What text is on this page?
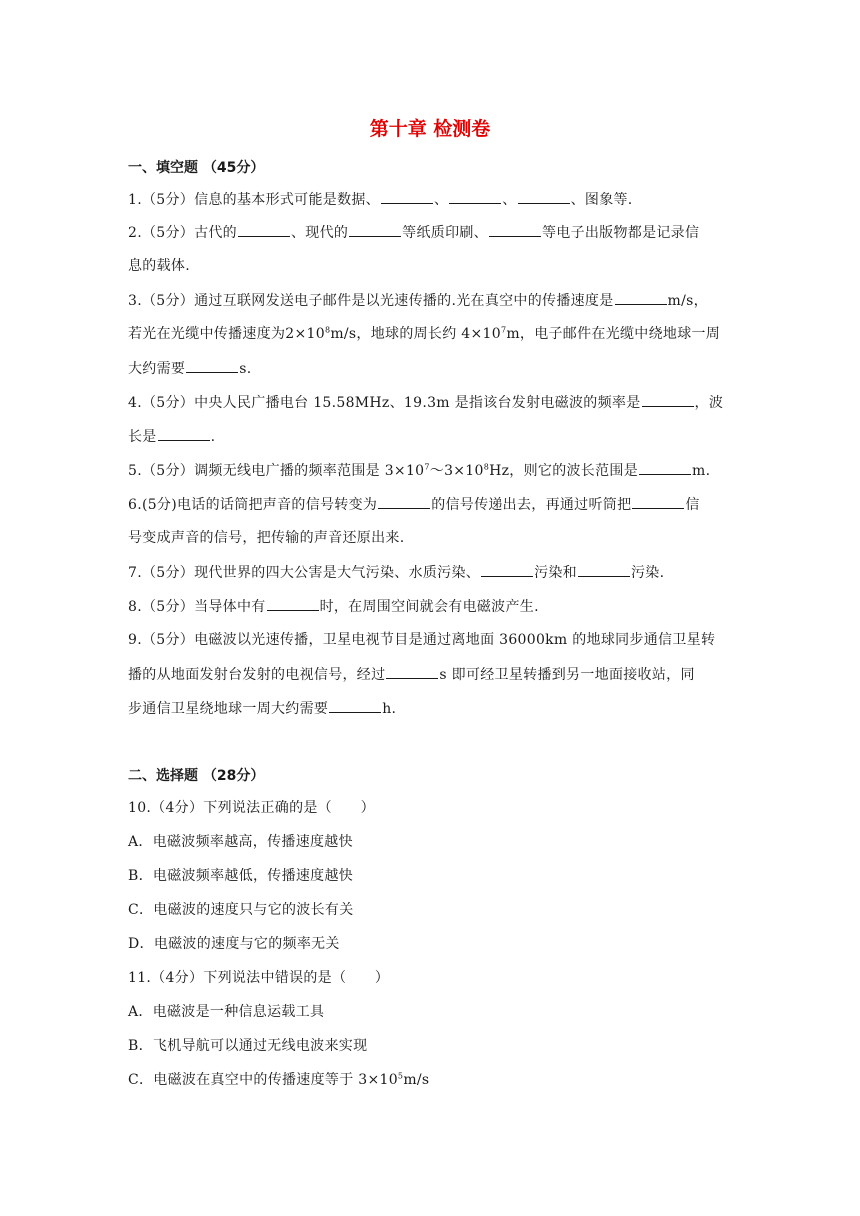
第十章 检测卷
一、填空题 （45分）
1.（5分）信息的基本形式可能是数据、	、	、	、图象等.
2.（5分）古代的	、现代的	等纸质印刷、	等电子出版物都是记录信
息的载体.
3.（5分）通过互联网发送电子邮件是以光速传播的.光在真空中的传播速度是	m/s，
若光在光缆中传播速度为$2\times 10^8m/s$，地球的周长约 $4\times 10^7m$，电子邮件在光缆中绕地球一周
大约需要	s.
4.（5分）中央人民广播电台 15.58MHz、19.3m 是指该台发射电磁波的频率是	，波
长是	.
5.（5分）调频无线电广播的频率范围是 $3\times 10^7\sim 3\times 10^8Hz$，则它的波长范围是	m.
6.(5分)电话的话筒把声音的信号转变为	的信号传递出去，再通过听筒把	信
号变成声音的信号，把传输的声音还原出来.
7.（5分）现代世界的四大公害是大气污染、水质污染、	污染和	污染.
8.（5分）当导体中有	时，在周围空间就会有电磁波产生.
9.（5分）电磁波以光速传播，卫星电视节目是通过离地面 36000km 的地球同步通信卫星转
播的从地面发射台发射的电视信号，经过	s 即可经卫星转播到另一地面接收站，同
步通信卫星绕地球一周大约需要	h.
二、选择题 （28分）
10.（4分）下列说法正确的是（　　）
A．电磁波频率越高，传播速度越快
B．电磁波频率越低，传播速度越快
C．电磁波的速度只与它的波长有关
D．电磁波的速度与它的频率无关
11.（4分）下列说法中错误的是（　　）
A．电磁波是一种信息运载工具
B．飞机导航可以通过无线电波来实现
C．电磁波在真空中的传播速度等于 $3\times 10^5m/s$
